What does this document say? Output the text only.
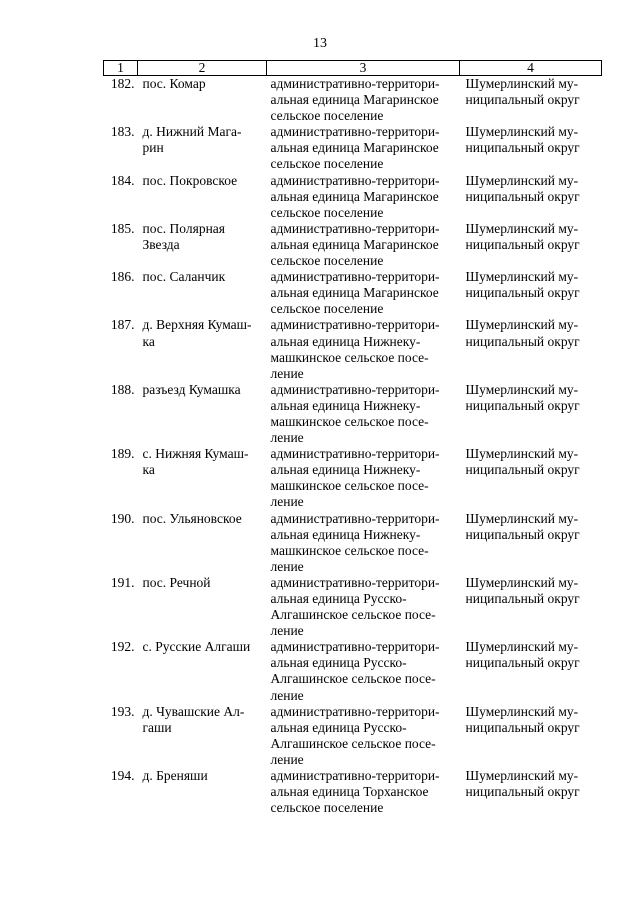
13
1	2	3	4
182.	пос. Комар	административно-территори-
альная единица Магаринское
сельское поселение	Шумерлинский му-
ниципальный округ

183.	д. Нижний Мага-
рин	административно-территори-
альная единица Магаринское
сельское поселение	Шумерлинский му-
ниципальный округ

184.	пос. Покровское	административно-территори-
альная единица Магаринское
сельское поселение	Шумерлинский му-
ниципальный округ

185.	пос. Полярная
Звезда	административно-территори-
альная единица Магаринское
сельское поселение	Шумерлинский му-
ниципальный округ

186.	пос. Саланчик	административно-территори-
альная единица Магаринское
сельское поселение	Шумерлинский му-
ниципальный округ

187.	д. Верхняя Кумаш-
ка	административно-территори-
альная единица Нижнеку-
машкинское сельское посе-
ление	Шумерлинский му-
ниципальный округ

188.	разъезд Кумашка	административно-территори-
альная единица Нижнеку-
машкинское сельское посе-
ление	Шумерлинский му-
ниципальный округ

189.	с. Нижняя Кумаш-
ка	административно-территори-
альная единица Нижнеку-
машкинское сельское посе-
ление	Шумерлинский му-
ниципальный округ

190.	пос. Ульяновское	административно-территори-
альная единица Нижнеку-
машкинское сельское посе-
ление	Шумерлинский му-
ниципальный округ

191.	пос. Речной	административно-территори-
альная единица Русско-
Алгашинское сельское посе-
ление	Шумерлинский му-
ниципальный округ

192.	с. Русские Алгаши	административно-территори-
альная единица Русско-
Алгашинское сельское посе-
ление	Шумерлинский му-
ниципальный округ

193.	д. Чувашские Ал-
гаши	административно-территори-
альная единица Русско-
Алгашинское сельское посе-
ление	Шумерлинский му-
ниципальный округ

194.	д. Бреняши	административно-территори-
альная единица Торханское
сельское поселение	Шумерлинский му-
ниципальный округ
